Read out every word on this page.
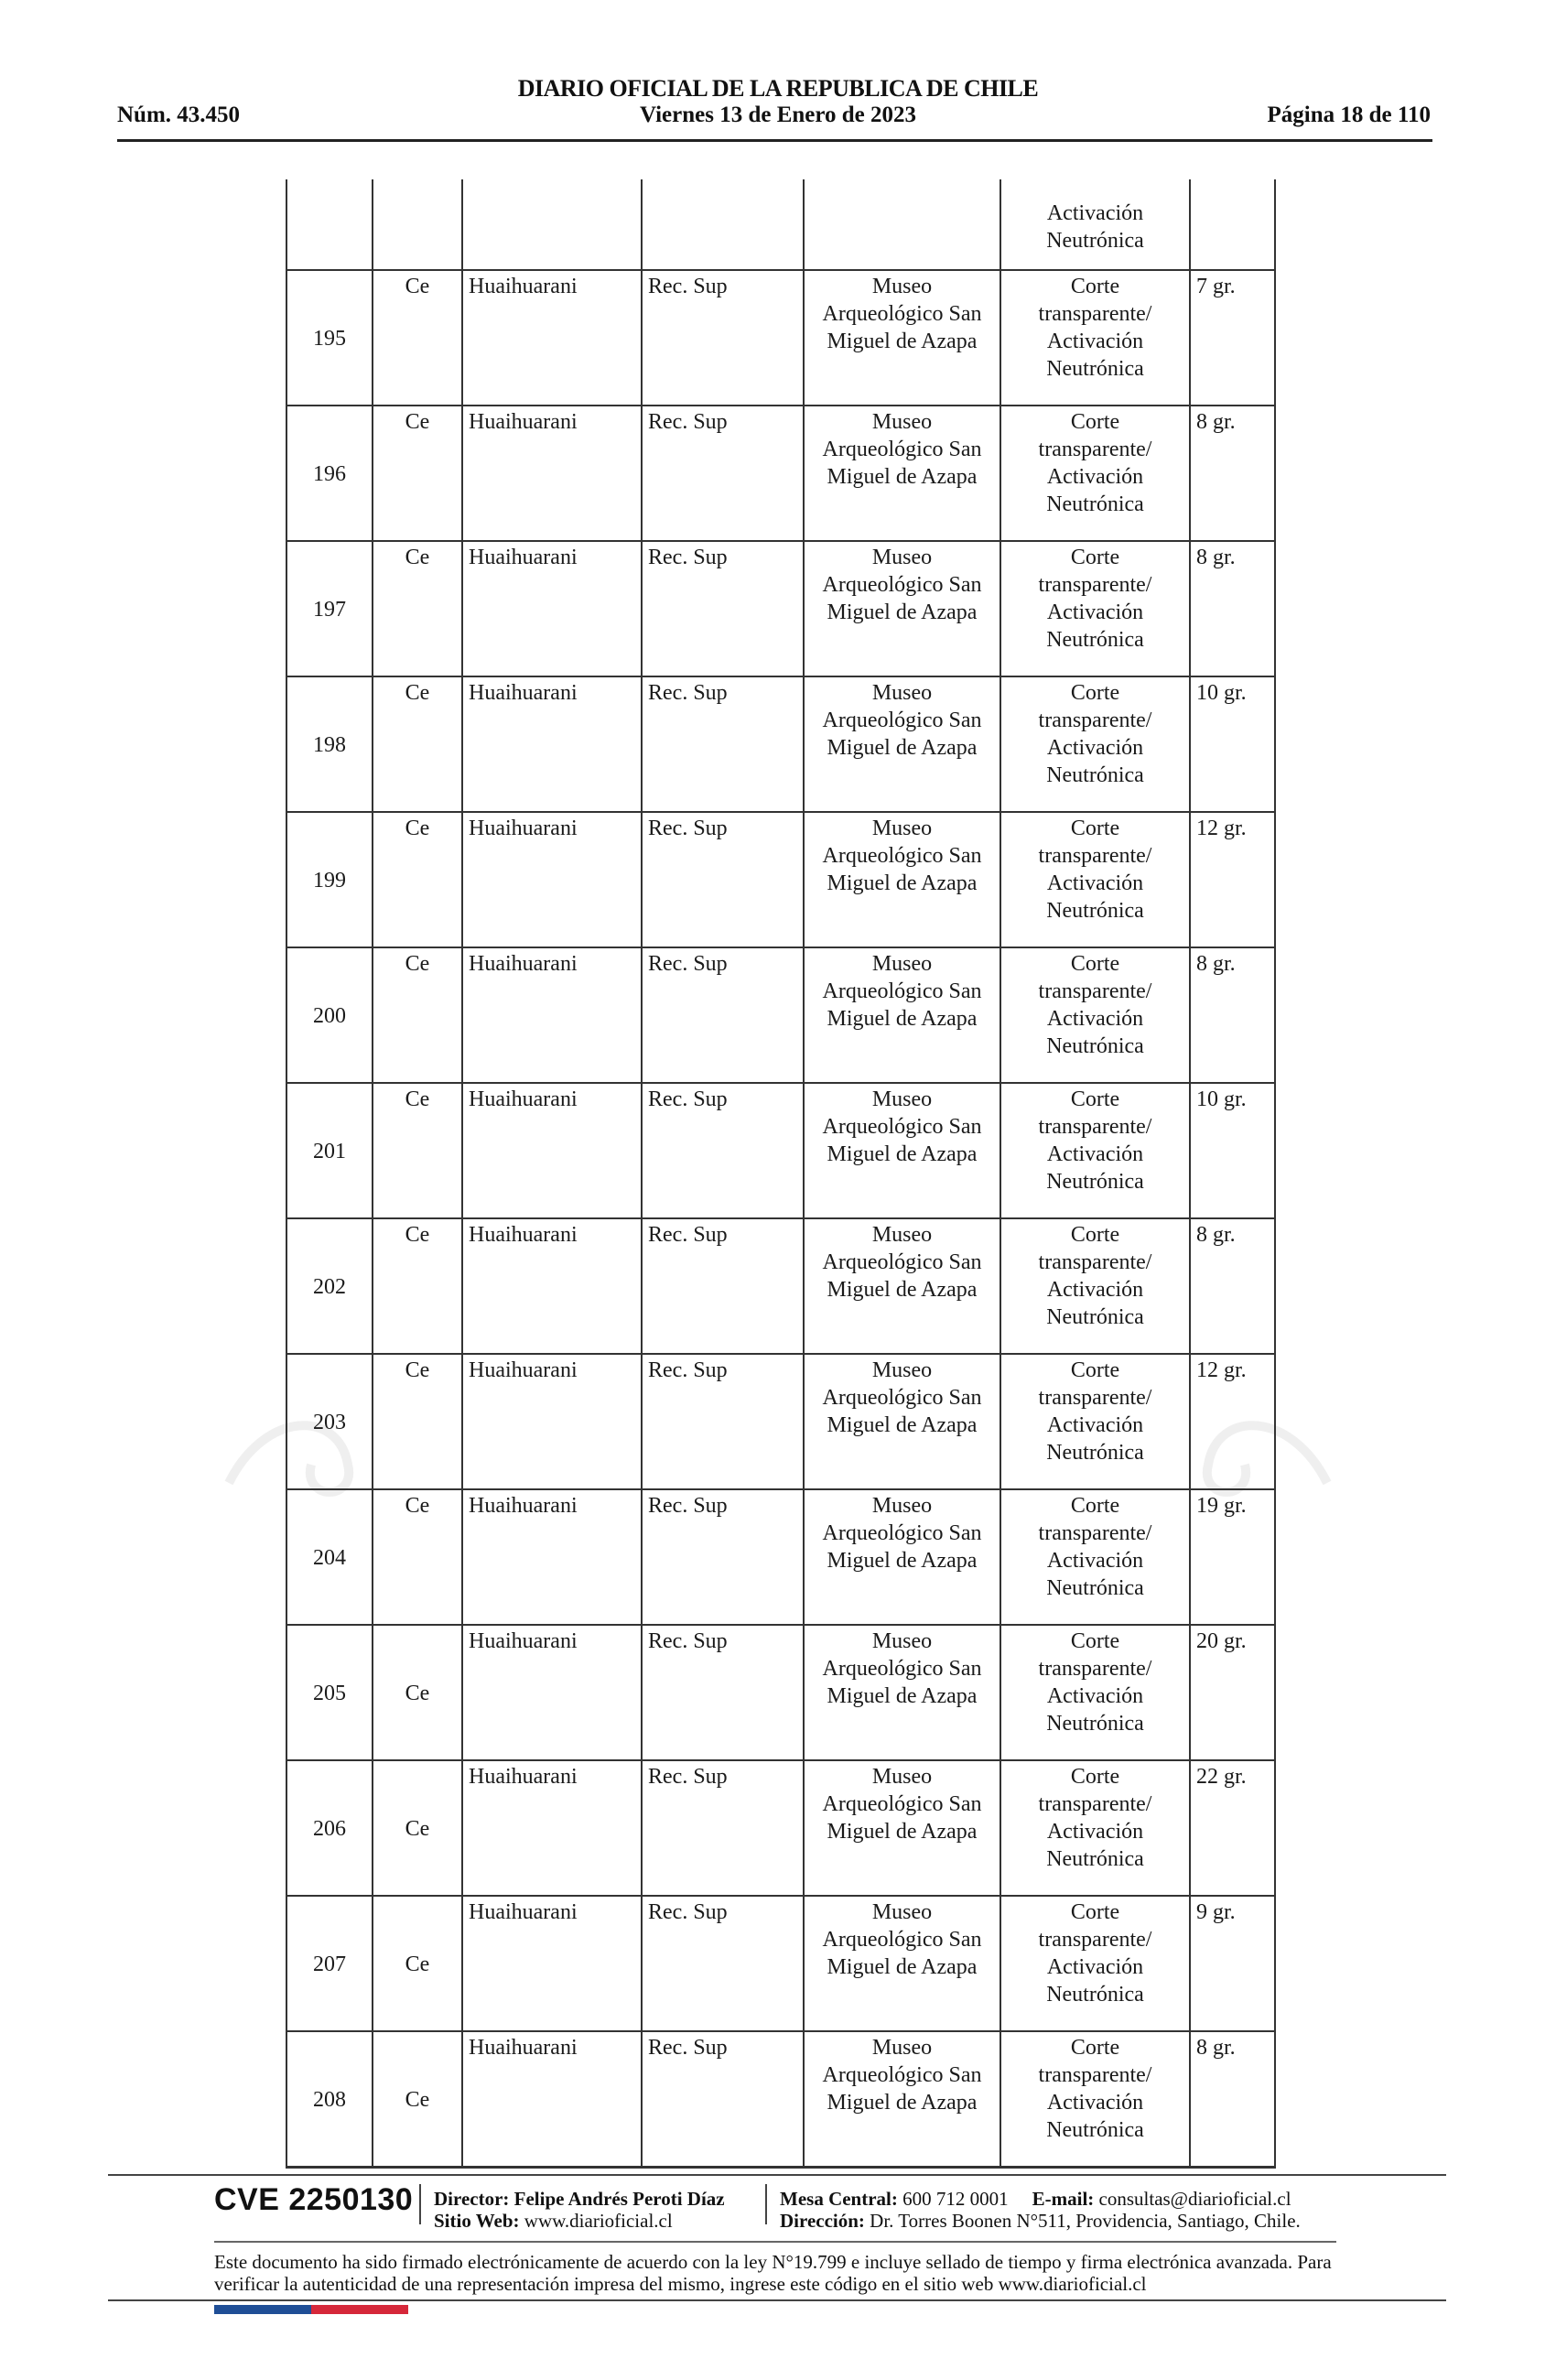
Núm. 43.450
DIARIO OFICIAL DE LA REPUBLICA DE CHILE
Viernes 13 de Enero de 2023	Página 18 de 110

					Activación
Neutrónica	

195	Ce	Huaihuarani	Rec. Sup	Museo
Arqueológico San
Miguel de Azapa	Corte
transparente/
Activación
Neutrónica	7 gr.
196	Ce	Huaihuarani	Rec. Sup	Museo
Arqueológico San
Miguel de Azapa	Corte
transparente/
Activación
Neutrónica	8 gr.
197	Ce	Huaihuarani	Rec. Sup	Museo
Arqueológico San
Miguel de Azapa	Corte
transparente/
Activación
Neutrónica	8 gr.
198	Ce	Huaihuarani	Rec. Sup	Museo
Arqueológico San
Miguel de Azapa	Corte
transparente/
Activación
Neutrónica	10 gr.
199	Ce	Huaihuarani	Rec. Sup	Museo
Arqueológico San
Miguel de Azapa	Corte
transparente/
Activación
Neutrónica	12 gr.
200	Ce	Huaihuarani	Rec. Sup	Museo
Arqueológico San
Miguel de Azapa	Corte
transparente/
Activación
Neutrónica	8 gr.
201	Ce	Huaihuarani	Rec. Sup	Museo
Arqueológico San
Miguel de Azapa	Corte
transparente/
Activación
Neutrónica	10 gr.
202	Ce	Huaihuarani	Rec. Sup	Museo
Arqueológico San
Miguel de Azapa	Corte
transparente/
Activación
Neutrónica	8 gr.
203	Ce	Huaihuarani	Rec. Sup	Museo
Arqueológico San
Miguel de Azapa	Corte
transparente/
Activación
Neutrónica	12 gr.
204	Ce	Huaihuarani	Rec. Sup	Museo
Arqueológico San
Miguel de Azapa	Corte
transparente/
Activación
Neutrónica	19 gr.
205	Ce	Huaihuarani	Rec. Sup	Museo
Arqueológico San
Miguel de Azapa	Corte
transparente/
Activación
Neutrónica	20 gr.
206	Ce	Huaihuarani	Rec. Sup	Museo
Arqueológico San
Miguel de Azapa	Corte
transparente/
Activación
Neutrónica	22 gr.
207	Ce	Huaihuarani	Rec. Sup	Museo
Arqueológico San
Miguel de Azapa	Corte
transparente/
Activación
Neutrónica	9 gr.
208	Ce	Huaihuarani	Rec. Sup	Museo
Arqueológico San
Miguel de Azapa	Corte
transparente/
Activación
Neutrónica	8 gr.
CVE 2250130 Director: Felipe Andrés Peroti Díaz
Sitio Web: www.diarioficial.cl
Mesa Central: 600 712 0001 E-mail: consultas@diarioficial.cl
Dirección: Dr. Torres Boonen N°511, Providencia, Santiago, Chile.
Este documento ha sido firmado electrónicamente de acuerdo con la ley N°19.799 e incluye sellado de tiempo y firma electrónica avanzada. Para verificar la autenticidad de una representación impresa del mismo, ingrese este código en el sitio web www.diarioficial.cl
